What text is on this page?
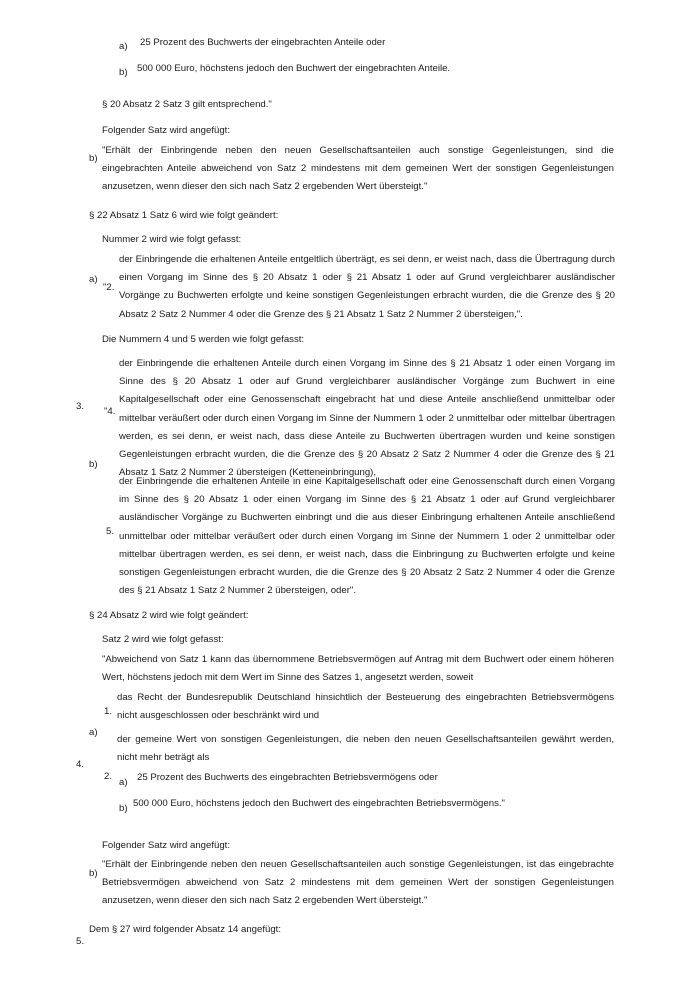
a) 25 Prozent des Buchwerts der eingebrachten Anteile oder
b) 500 000 Euro, höchstens jedoch den Buchwert der eingebrachten Anteile.
§ 20 Absatz 2 Satz 3 gilt entsprechend."
Folgender Satz wird angefügt:
b)
"Erhält der Einbringende neben den neuen Gesellschaftsanteilen auch sonstige Gegenleistungen, sind die eingebrachten Anteile abweichend von Satz 2 mindestens mit dem gemeinen Wert der sonstigen Gegenleistungen anzusetzen, wenn dieser den sich nach Satz 2 ergebenden Wert übersteigt."
3.
§ 22 Absatz 1 Satz 6 wird wie folgt geändert:
Nummer 2 wird wie folgt gefasst:
a)
"2.
der Einbringende die erhaltenen Anteile entgeltlich überträgt, es sei denn, er weist nach, dass die Übertragung durch einen Vorgang im Sinne des § 20 Absatz 1 oder § 21 Absatz 1 oder auf Grund vergleichbarer ausländischer Vorgänge zu Buchwerten erfolgte und keine sonstigen Gegenleistungen erbracht wurden, die die Grenze des § 20 Absatz 2 Satz 2 Nummer 4 oder die Grenze des § 21 Absatz 1 Satz 2 Nummer 2 übersteigen,".
Die Nummern 4 und 5 werden wie folgt gefasst:
b)
"4.
der Einbringende die erhaltenen Anteile durch einen Vorgang im Sinne des § 21 Absatz 1 oder einen Vorgang im Sinne des § 20 Absatz 1 oder auf Grund vergleichbarer ausländischer Vorgänge zum Buchwert in eine Kapitalgesellschaft oder eine Genossenschaft eingebracht hat und diese Anteile anschließend unmittelbar oder mittelbar veräußert oder durch einen Vorgang im Sinne der Nummern 1 oder 2 unmittelbar oder mittelbar übertragen werden, es sei denn, er weist nach, dass diese Anteile zu Buchwerten übertragen wurden und keine sonstigen Gegenleistungen erbracht wurden, die die Grenze des § 20 Absatz 2 Satz 2 Nummer 4 oder die Grenze des § 21 Absatz 1 Satz 2 Nummer 2 übersteigen (Ketteneinbringung),
5.
der Einbringende die erhaltenen Anteile in eine Kapitalgesellschaft oder eine Genossenschaft durch einen Vorgang im Sinne des § 20 Absatz 1 oder einen Vorgang im Sinne des § 21 Absatz 1 oder auf Grund vergleichbarer ausländischer Vorgänge zu Buchwerten einbringt und die aus dieser Einbringung erhaltenen Anteile anschließend unmittelbar oder mittelbar veräußert oder durch einen Vorgang im Sinne der Nummern 1 oder 2 unmittelbar oder mittelbar übertragen werden, es sei denn, er weist nach, dass die Einbringung zu Buchwerten erfolgte und keine sonstigen Gegenleistungen erbracht wurden, die die Grenze des § 20 Absatz 2 Satz 2 Nummer 4 oder die Grenze des § 21 Absatz 1 Satz 2 Nummer 2 übersteigen, oder".
4.
§ 24 Absatz 2 wird wie folgt geändert:
Satz 2 wird wie folgt gefasst:
a)
"Abweichend von Satz 1 kann das übernommene Betriebsvermögen auf Antrag mit dem Buchwert oder einem höheren Wert, höchstens jedoch mit dem Wert im Sinne des Satzes 1, angesetzt werden, soweit
1.
das Recht der Bundesrepublik Deutschland hinsichtlich der Besteuerung des eingebrachten Betriebsvermögens nicht ausgeschlossen oder beschränkt wird und
2.
der gemeine Wert von sonstigen Gegenleistungen, die neben den neuen Gesellschaftsanteilen gewährt werden, nicht mehr beträgt als
a) 25 Prozent des Buchwerts des eingebrachten Betriebsvermögens oder
b) 500 000 Euro, höchstens jedoch den Buchwert des eingebrachten Betriebsvermögens."
Folgender Satz wird angefügt:
b)
"Erhält der Einbringende neben den neuen Gesellschaftsanteilen auch sonstige Gegenleistungen, ist das eingebrachte Betriebsvermögen abweichend von Satz 2 mindestens mit dem gemeinen Wert der sonstigen Gegenleistungen anzusetzen, wenn dieser den sich nach Satz 2 ergebenden Wert übersteigt."
5.
Dem § 27 wird folgender Absatz 14 angefügt:
